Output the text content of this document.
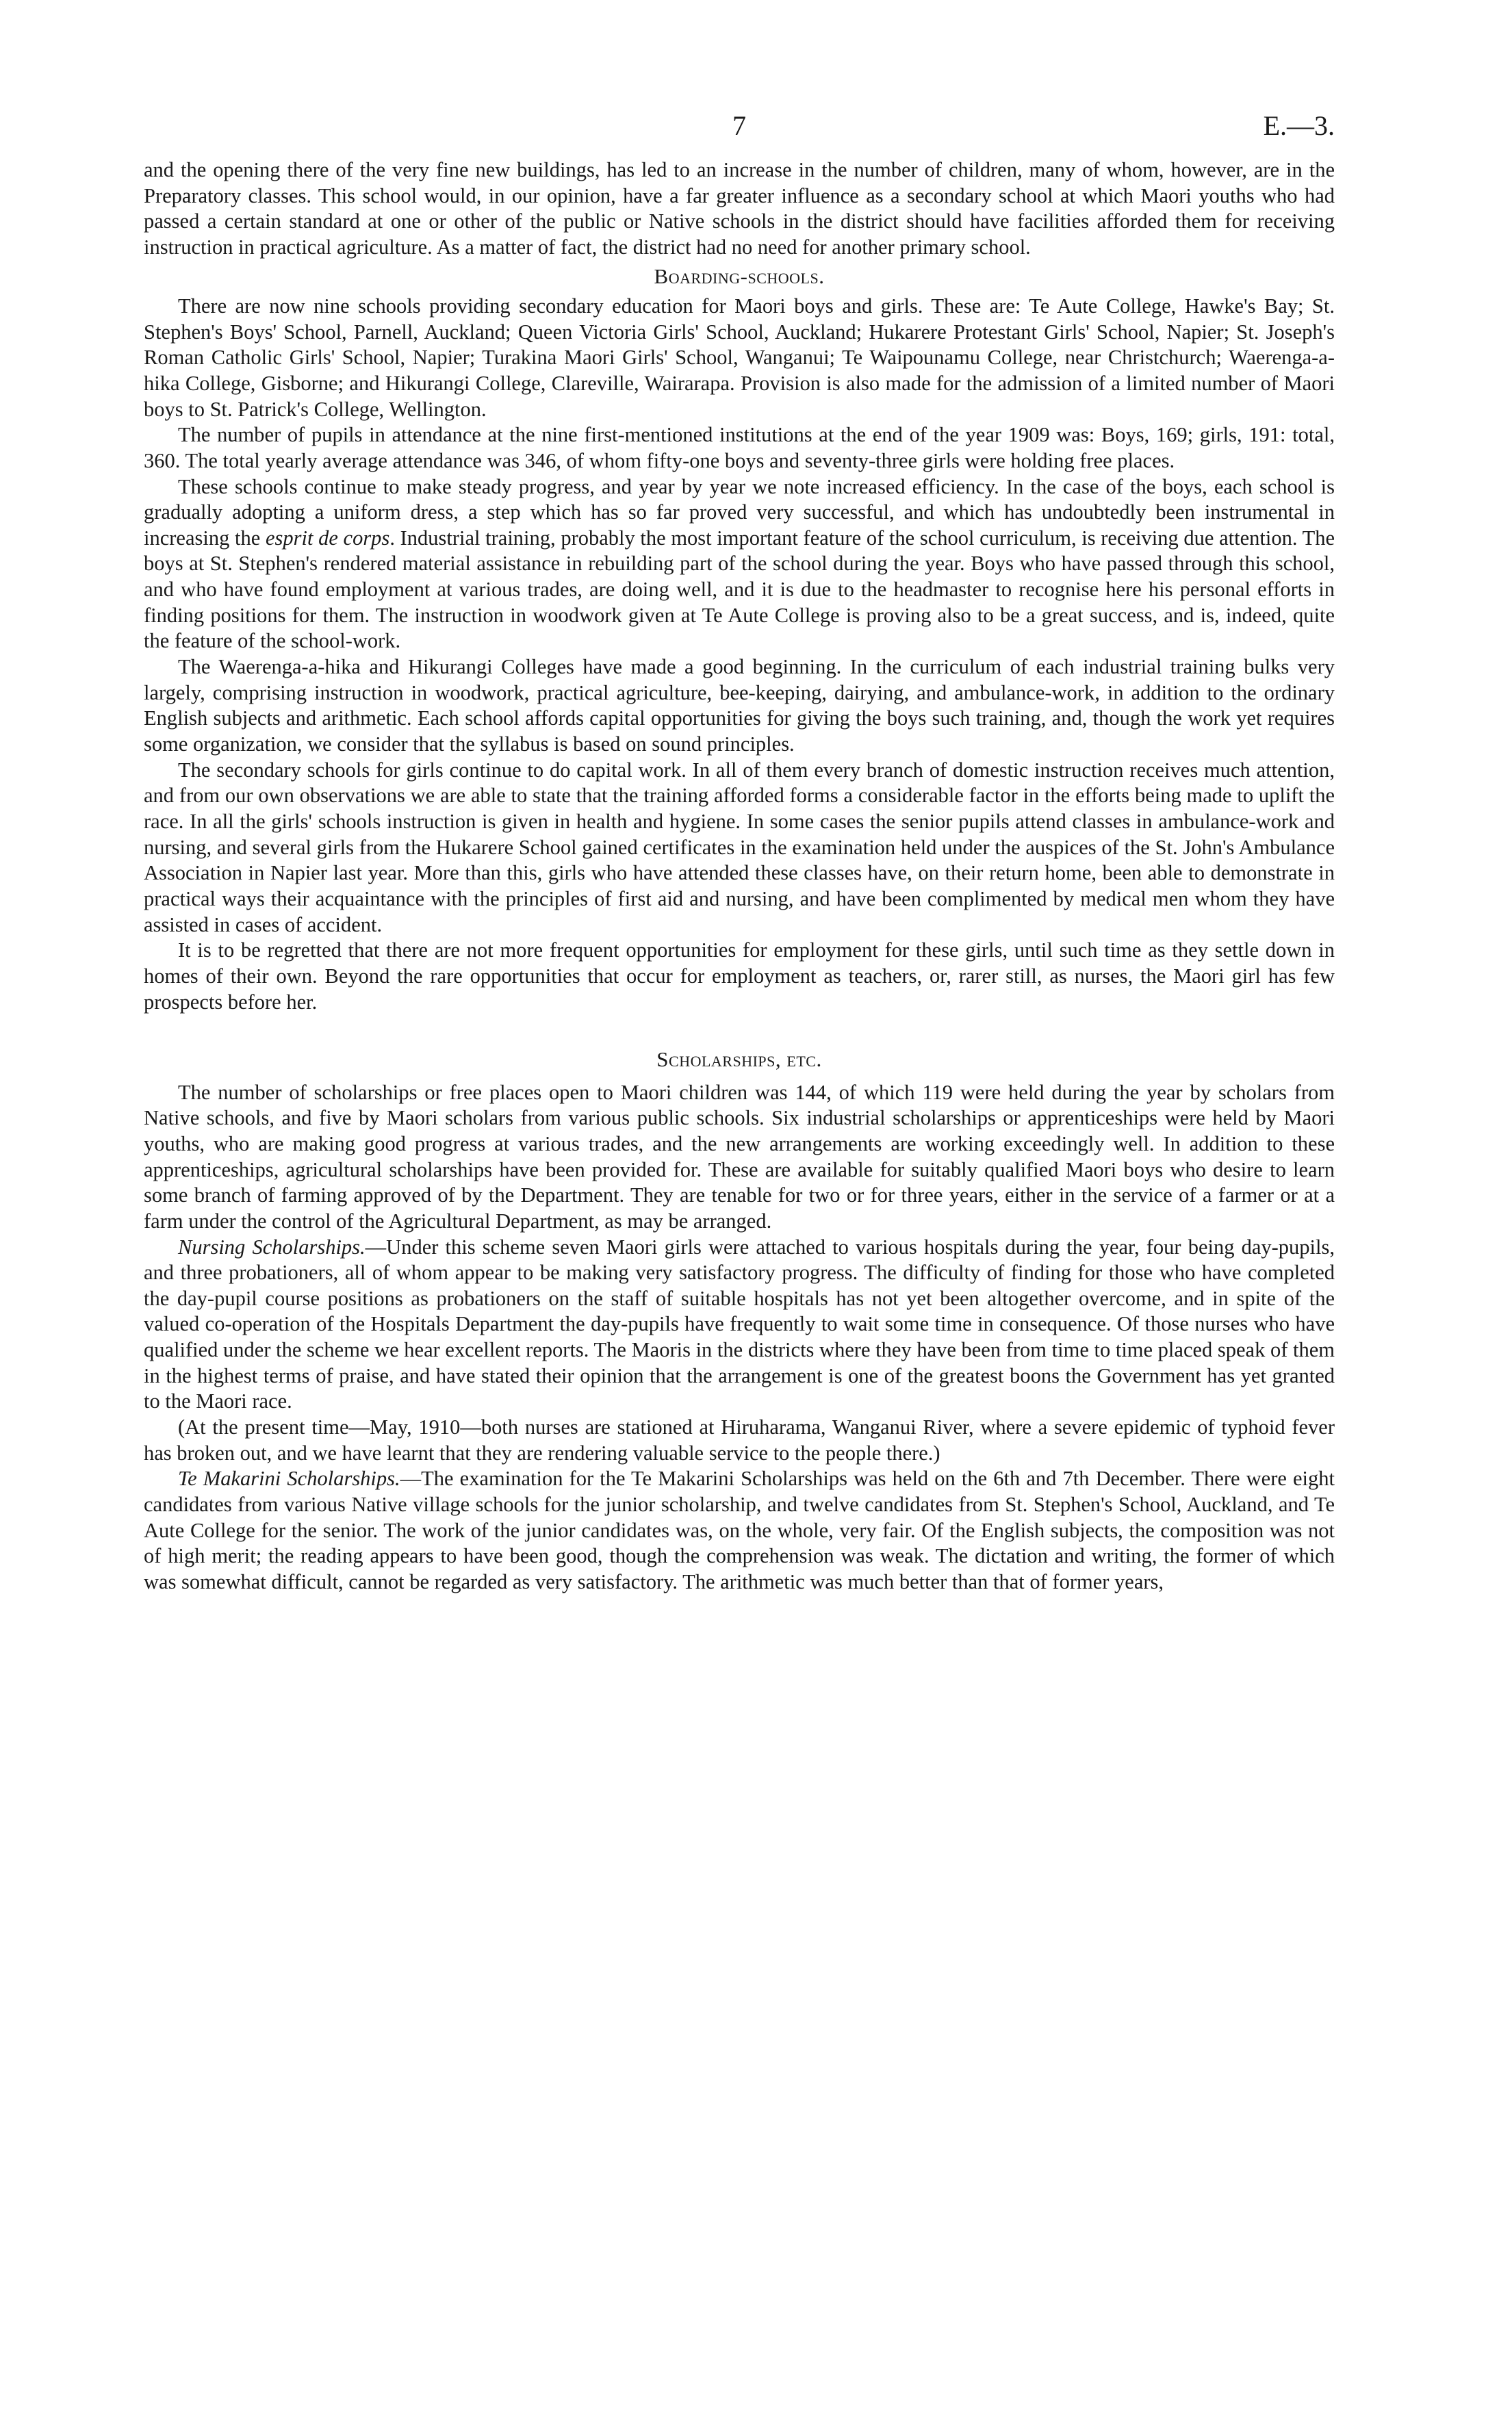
7	E.—3.

and the opening there of the very fine new buildings, has led to an increase in the number of children, many of whom, however, are in the Preparatory classes. This school would, in our opinion, have a far greater influence as a secondary school at which Maori youths who had passed a certain standard at one or other of the public or Native schools in the district should have facilities afforded them for receiving instruction in practical agriculture. As a matter of fact, the district had no need for another primary school.

Boarding-schools.

There are now nine schools providing secondary education for Maori boys and girls. These are: Te Aute College, Hawke's Bay; St. Stephen's Boys' School, Parnell, Auckland; Queen Victoria Girls' School, Auckland; Hukarere Protestant Girls' School, Napier; St. Joseph's Roman Catholic Girls' School, Napier; Turakina Maori Girls' School, Wanganui; Te Waipounamu College, near Christchurch; Waerenga-a-hika College, Gisborne; and Hikurangi College, Clareville, Wairarapa. Provision is also made for the admission of a limited number of Maori boys to St. Patrick's College, Wellington.

The number of pupils in attendance at the nine first-mentioned institutions at the end of the year 1909 was: Boys, 169; girls, 191: total, 360. The total yearly average attendance was 346, of whom fifty-one boys and seventy-three girls were holding free places.

These schools continue to make steady progress, and year by year we note increased efficiency. In the case of the boys, each school is gradually adopting a uniform dress, a step which has so far proved very successful, and which has undoubtedly been instrumental in increasing the esprit de corps. Industrial training, probably the most important feature of the school curriculum, is receiving due attention. The boys at St. Stephen's rendered material assistance in rebuilding part of the school during the year. Boys who have passed through this school, and who have found employment at various trades, are doing well, and it is due to the headmaster to recognise here his personal efforts in finding positions for them. The instruction in woodwork given at Te Aute College is proving also to be a great success, and is, indeed, quite the feature of the school-work.

The Waerenga-a-hika and Hikurangi Colleges have made a good beginning. In the curriculum of each industrial training bulks very largely, comprising instruction in woodwork, practical agriculture, bee-keeping, dairying, and ambulance-work, in addition to the ordinary English subjects and arithmetic. Each school affords capital opportunities for giving the boys such training, and, though the work yet requires some organization, we consider that the syllabus is based on sound principles.

The secondary schools for girls continue to do capital work. In all of them every branch of domestic instruction receives much attention, and from our own observations we are able to state that the training afforded forms a considerable factor in the efforts being made to uplift the race. In all the girls' schools instruction is given in health and hygiene. In some cases the senior pupils attend classes in ambulance-work and nursing, and several girls from the Hukarere School gained certificates in the examination held under the auspices of the St. John's Ambulance Association in Napier last year. More than this, girls who have attended these classes have, on their return home, been able to demonstrate in practical ways their acquaintance with the principles of first aid and nursing, and have been complimented by medical men whom they have assisted in cases of accident.

It is to be regretted that there are not more frequent opportunities for employment for these girls, until such time as they settle down in homes of their own. Beyond the rare opportunities that occur for employment as teachers, or, rarer still, as nurses, the Maori girl has few prospects before her.

Scholarships, etc.

The number of scholarships or free places open to Maori children was 144, of which 119 were held during the year by scholars from Native schools, and five by Maori scholars from various public schools. Six industrial scholarships or apprenticeships were held by Maori youths, who are making good progress at various trades, and the new arrangements are working exceedingly well. In addition to these apprenticeships, agricultural scholarships have been provided for. These are available for suitably qualified Maori boys who desire to learn some branch of farming approved of by the Department. They are tenable for two or for three years, either in the service of a farmer or at a farm under the control of the Agricultural Department, as may be arranged.

Nursing Scholarships.—Under this scheme seven Maori girls were attached to various hospitals during the year, four being day-pupils, and three probationers, all of whom appear to be making very satisfactory progress. The difficulty of finding for those who have completed the day-pupil course positions as probationers on the staff of suitable hospitals has not yet been altogether overcome, and in spite of the valued co-operation of the Hospitals Department the day-pupils have frequently to wait some time in consequence. Of those nurses who have qualified under the scheme we hear excellent reports. The Maoris in the districts where they have been from time to time placed speak of them in the highest terms of praise, and have stated their opinion that the arrangement is one of the greatest boons the Government has yet granted to the Maori race.

(At the present time—May, 1910—both nurses are stationed at Hiruharama, Wanganui River, where a severe epidemic of typhoid fever has broken out, and we have learnt that they are rendering valuable service to the people there.)

Te Makarini Scholarships.—The examination for the Te Makarini Scholarships was held on the 6th and 7th December. There were eight candidates from various Native village schools for the junior scholarship, and twelve candidates from St. Stephen's School, Auckland, and Te Aute College for the senior. The work of the junior candidates was, on the whole, very fair. Of the English subjects, the composition was not of high merit; the reading appears to have been good, though the comprehension was weak. The dictation and writing, the former of which was somewhat difficult, cannot be regarded as very satisfactory. The arithmetic was much better than that of former years,
